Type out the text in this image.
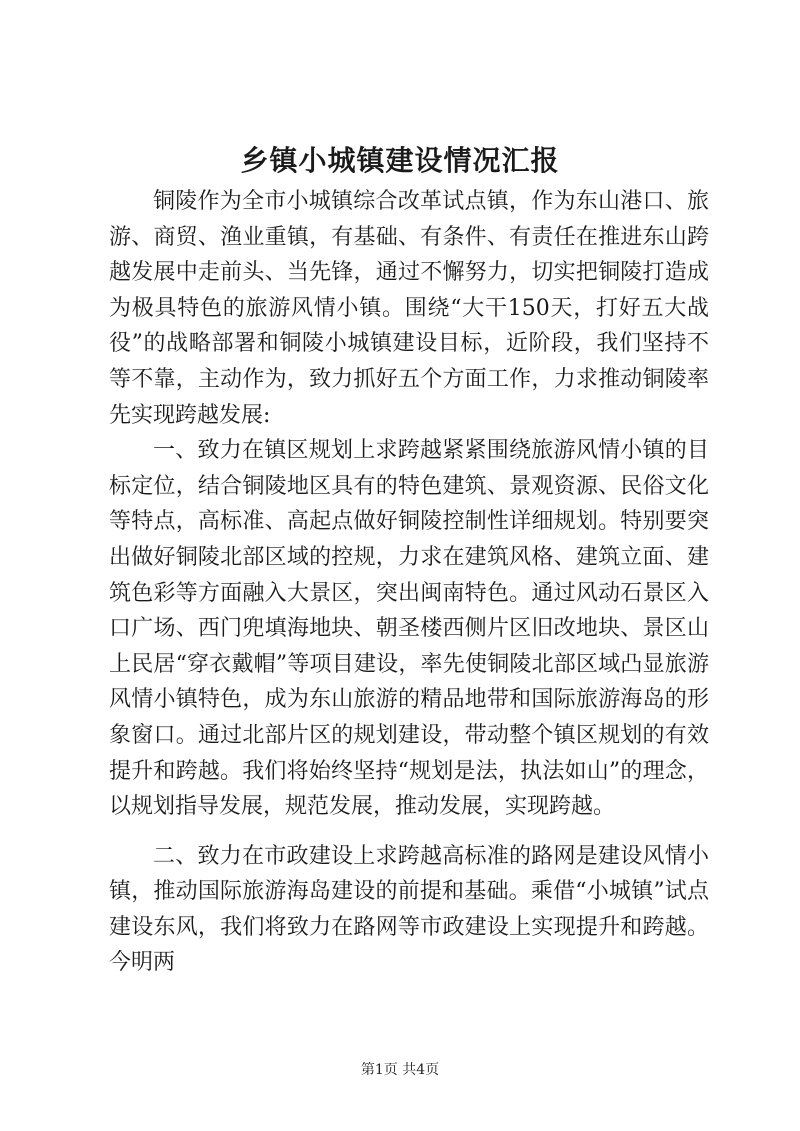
乡镇小城镇建设情况汇报

铜陵作为全市小城镇综合改革试点镇，作为东山港口、旅游、商贸、渔业重镇，有基础、有条件、有责任在推进东山跨越发展中走前头、当先锋，通过不懈努力，切实把铜陵打造成为极具特色的旅游风情小镇。围绕“大干150天，打好五大战役”的战略部署和铜陵小城镇建设目标，近阶段，我们坚持不等不靠，主动作为，致力抓好五个方面工作，力求推动铜陵率先实现跨越发展:

一、致力在镇区规划上求跨越紧紧围绕旅游风情小镇的目标定位，结合铜陵地区具有的特色建筑、景观资源、民俗文化等特点，高标准、高起点做好铜陵控制性详细规划。特别要突出做好铜陵北部区域的控规，力求在建筑风格、建筑立面、建筑色彩等方面融入大景区，突出闽南特色。通过风动石景区入口广场、西门兜填海地块、朝圣楼西侧片区旧改地块、景区山上民居“穿衣戴帽”等项目建设，率先使铜陵北部区域凸显旅游风情小镇特色，成为东山旅游的精品地带和国际旅游海岛的形象窗口。通过北部片区的规划建设，带动整个镇区规划的有效提升和跨越。我们将始终坚持“规划是法，执法如山”的理念，以规划指导发展，规范发展，推动发展，实现跨越。

二、致力在市政建设上求跨越高标准的路网是建设风情小镇，推动国际旅游海岛建设的前提和基础。乘借“小城镇”试点建设东风，我们将致力在路网等市政建设上实现提升和跨越。今明两

第1页 共4页
